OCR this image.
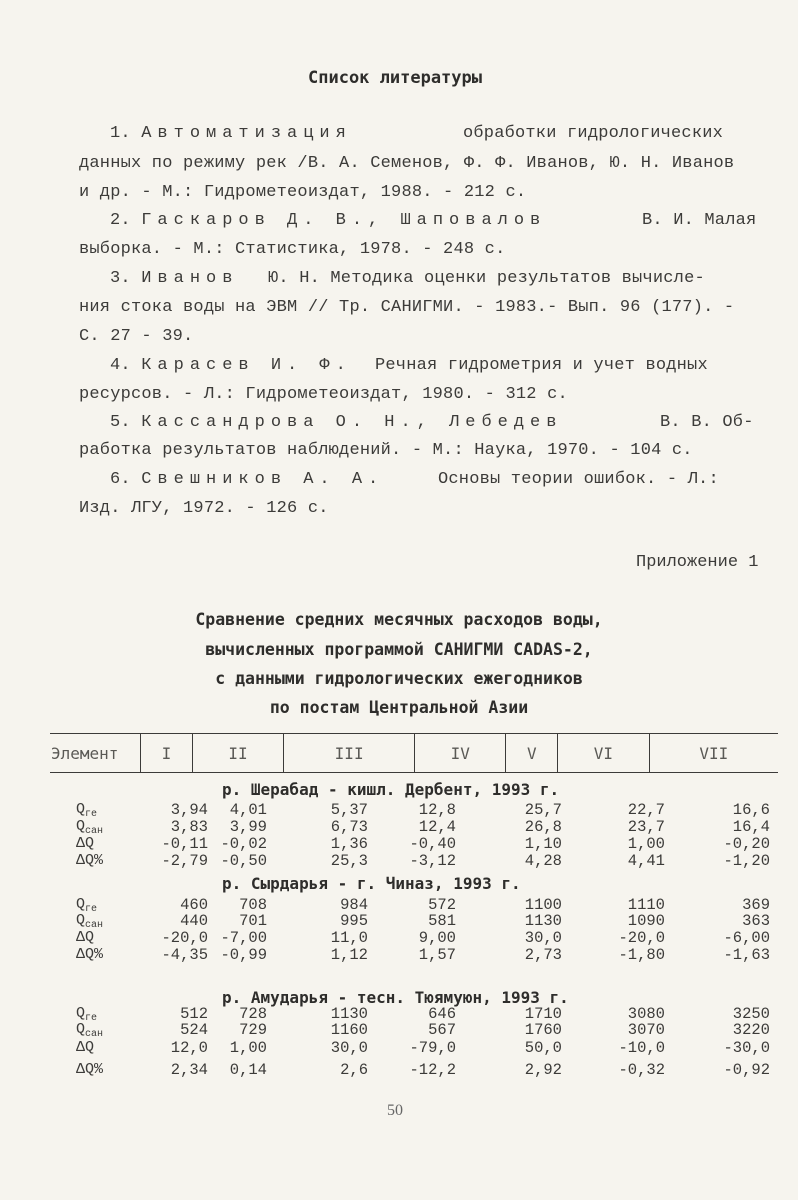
Список литературы
1. Автоматизация	обработки гидрологических
данных по режиму рек /В. А. Семенов, Ф. Ф. Иванов, Ю. Н. Иванов
и др. - М.: Гидрометеоиздат, 1988. - 212 с.
2. Гаскаров Д. В., Шаповалов	В. И. Малая
выборка. - М.: Статистика, 1978. - 248 с.
3. Иванов Ю. Н. Методика оценки результатов вычисле-
ния стока воды на ЭВМ // Тр. САНИГМИ. - 1983.- Вып. 96 (177). -
С. 27 - 39.
4. Карасев И. Ф. Речная гидрометрия и учет водных
ресурсов. - Л.: Гидрометеоиздат, 1980. - 312 с.
5. Кассандрова О. Н., Лебедев	В. В. Об-
работка результатов наблюдений. - М.: Наука, 1970. - 104 с.
6. Свешников А. А.	Основы теории ошибок. - Л.:
Изд. ЛГУ, 1972. - 126 с.
Приложение 1
Сравнение средних месячных расходов воды,
вычисленных программой САНИГМИ CADAS-2,
с данными гидрологических ежегодников
по постам Центральной Азии
Элемент	I	II	III	IV	V	VI	VII
р. Шерабад - кишл. Дербент, 1993 г.
$Q_{ге}$	3,94	4,01	5,37	12,8	25,7	22,7	16,6
$Q_{сан}$	3,83	3,99	6,73	12,4	26,8	23,7	16,4
ΔQ	-0,11 -0,02	1,36	-0,40	1,10	1,00	-0,20
ΔQ%	-2,79 -0,50	25,3	-3,12	4,28	4,41	-1,20
р. Сырдарья - г. Чиназ, 1993 г.
$Q_{ге}$	460	708	984	572	1100	1110	369
$Q_{сан}$	440	701	995	581	1130	1090	363
ΔQ	-20,0 -7,00	11,0	9,00	30,0	-20,0	-6,00
ΔQ%	-4,35 -0,99	1,12	1,57	2,73	-1,80	-1,63
р. Амударья - тесн. Тюямуюн, 1993 г.
$Q_{ге}$	512	728	1130	646	1710	3080	3250
$Q_{сан}$	524	729	1160	567	1760	3070	3220
ΔQ	12,0	1,00	30,0	-79,0	50,0	-10,0	-30,0
ΔQ%	2,34	0,14	2,6	-12,2	2,92	-0,32	-0,92
50
